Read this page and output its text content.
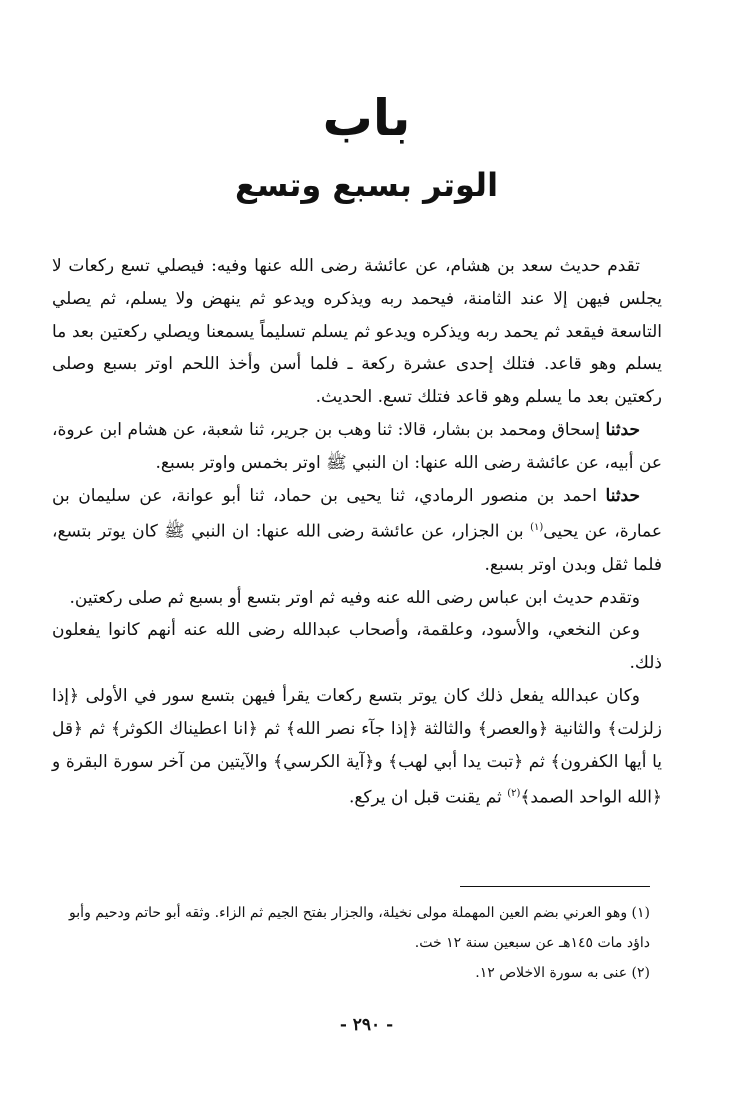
باب
الوتر بسبع وتسع

تقدم حديث سعد بن هشام، عن عائشة رضى الله عنها وفيه: فيصلي تسع ركعات لا يجلس فيهن إلا عند الثامنة، فيحمد ربه ويذكره ويدعو ثم ينهض ولا يسلم، ثم يصلي التاسعة فيقعد ثم يحمد ربه ويذكره ويدعو ثم يسلم تسليماً يسمعنا ويصلي ركعتين بعد ما يسلم وهو قاعد. فتلك إحدى عشرة ركعة ـ فلما أسن وأخذ اللحم اوتر بسبع وصلى ركعتين بعد ما يسلم وهو قاعد فتلك تسع. الحديث.

حدثنا إسحاق ومحمد بن بشار، قالا: ثنا وهب بن جرير، ثنا شعبة، عن هشام ابن عروة، عن أبيه، عن عائشة رضى الله عنها: ان النبي ﷺ اوتر بخمس واوتر بسبع.

حدثنا احمد بن منصور الرمادي، ثنا يحيى بن حماد، ثنا أبو عوانة، عن سليمان بن عمارة، عن يحيى$^{(١)}$ بن الجزار، عن عائشة رضى الله عنها: ان النبي ﷺ كان يوتر بتسع، فلما ثقل وبدن اوتر بسبع.

وتقدم حديث ابن عباس رضى الله عنه وفيه ثم اوتر بتسع أو بسبع ثم صلى ركعتين.

وعن النخعي، والأسود، وعلقمة، وأصحاب عبدالله رضى الله عنه أنهم كانوا يفعلون ذلك.

وكان عبدالله يفعل ذلك كان يوتر بتسع ركعات يقرأ فيهن بتسع سور في الأولى ﴿إذا زلزلت﴾ والثانية ﴿والعصر﴾ والثالثة ﴿إذا جآء نصر الله﴾ ثم ﴿انا اعطيناك الكوثر﴾ ثم ﴿قل يا أيها الكفرون﴾ ثم ﴿تبت يدا أبي لهب﴾ و﴿آية الكرسي﴾ والآيتين من آخر سورة البقرة و ﴿الله الواحد الصمد﴾$^{(٢)}$ ثم يقنت قبل ان يركع.

(١) وهو العرني بضم العين المهملة مولى نخيلة، والجزار بفتح الجيم ثم الزاء. وثقه أبو حاتم ودحيم وأبو داؤد مات ١٤٥هـ عن سبعين سنة ١٢ خت.

(٢) عنى به سورة الاخلاص ١٢.

- ٢٩٠ -
